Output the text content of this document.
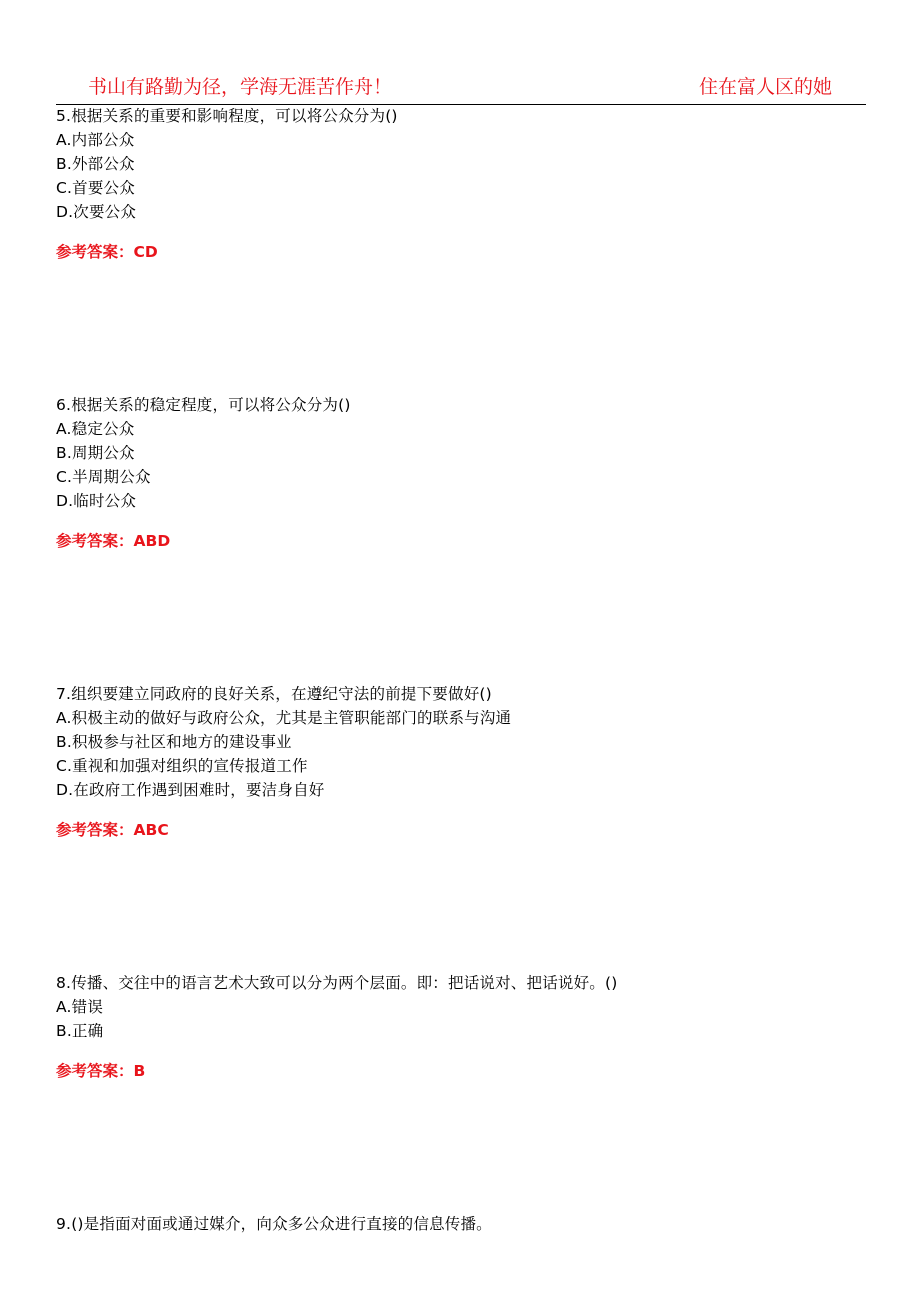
书山有路勤为径，学海无涯苦作舟！	住在富人区的她
5.根据关系的重要和影响程度，可以将公众分为()
A.内部公众
B.外部公众
C.首要公众
D.次要公众
参考答案：CD
6.根据关系的稳定程度，可以将公众分为()
A.稳定公众
B.周期公众
C.半周期公众
D.临时公众
参考答案：ABD
7.组织要建立同政府的良好关系，在遵纪守法的前提下要做好()
A.积极主动的做好与政府公众，尤其是主管职能部门的联系与沟通
B.积极参与社区和地方的建设事业
C.重视和加强对组织的宣传报道工作
D.在政府工作遇到困难时，要洁身自好
参考答案：ABC
8.传播、交往中的语言艺术大致可以分为两个层面。即：把话说对、把话说好。()
A.错误
B.正确
参考答案：B
9.()是指面对面或通过媒介，向众多公众进行直接的信息传播。
